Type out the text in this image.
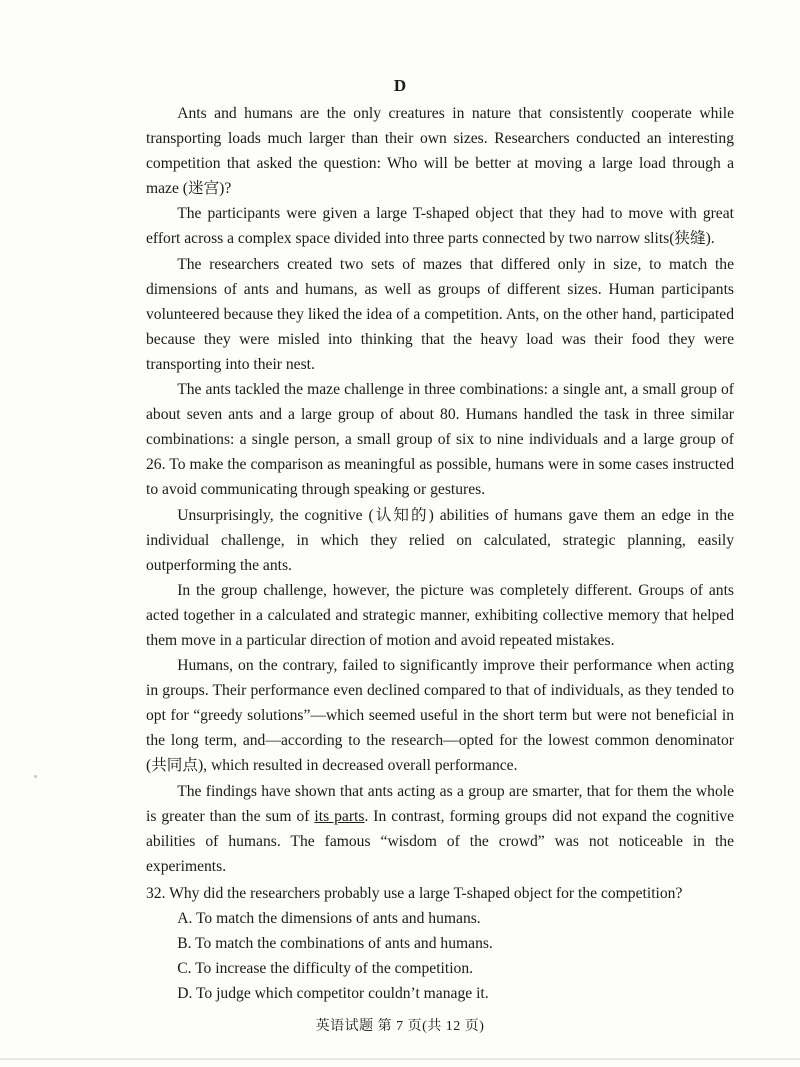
D

Ants and humans are the only creatures in nature that consistently cooperate while transporting loads much larger than their own sizes. Researchers conducted an interesting competition that asked the question: Who will be better at moving a large load through a maze (迷宫)?

The participants were given a large T-shaped object that they had to move with great effort across a complex space divided into three parts connected by two narrow slits(狭缝).

The researchers created two sets of mazes that differed only in size, to match the dimensions of ants and humans, as well as groups of different sizes. Human participants volunteered because they liked the idea of a competition. Ants, on the other hand, participated because they were misled into thinking that the heavy load was their food they were transporting into their nest.

The ants tackled the maze challenge in three combinations: a single ant, a small group of about seven ants and a large group of about 80. Humans handled the task in three similar combinations: a single person, a small group of six to nine individuals and a large group of 26. To make the comparison as meaningful as possible, humans were in some cases instructed to avoid communicating through speaking or gestures.

Unsurprisingly, the cognitive (认知的) abilities of humans gave them an edge in the individual challenge, in which they relied on calculated, strategic planning, easily outperforming the ants.

In the group challenge, however, the picture was completely different. Groups of ants acted together in a calculated and strategic manner, exhibiting collective memory that helped them move in a particular direction of motion and avoid repeated mistakes.

Humans, on the contrary, failed to significantly improve their performance when acting in groups. Their performance even declined compared to that of individuals, as they tended to opt for “greedy solutions”—which seemed useful in the short term but were not beneficial in the long term, and—according to the research—opted for the lowest common denominator (共同点), which resulted in decreased overall performance.

The findings have shown that ants acting as a group are smarter, that for them the whole is greater than the sum of its parts. In contrast, forming groups did not expand the cognitive abilities of humans. The famous “wisdom of the crowd” was not noticeable in the experiments.

32. Why did the researchers probably use a large T-shaped object for the competition?

A. To match the dimensions of ants and humans.

B. To match the combinations of ants and humans.

C. To increase the difficulty of the competition.

D. To judge which competitor couldn’t manage it.

英语试题 第 7 页(共 12 页)
